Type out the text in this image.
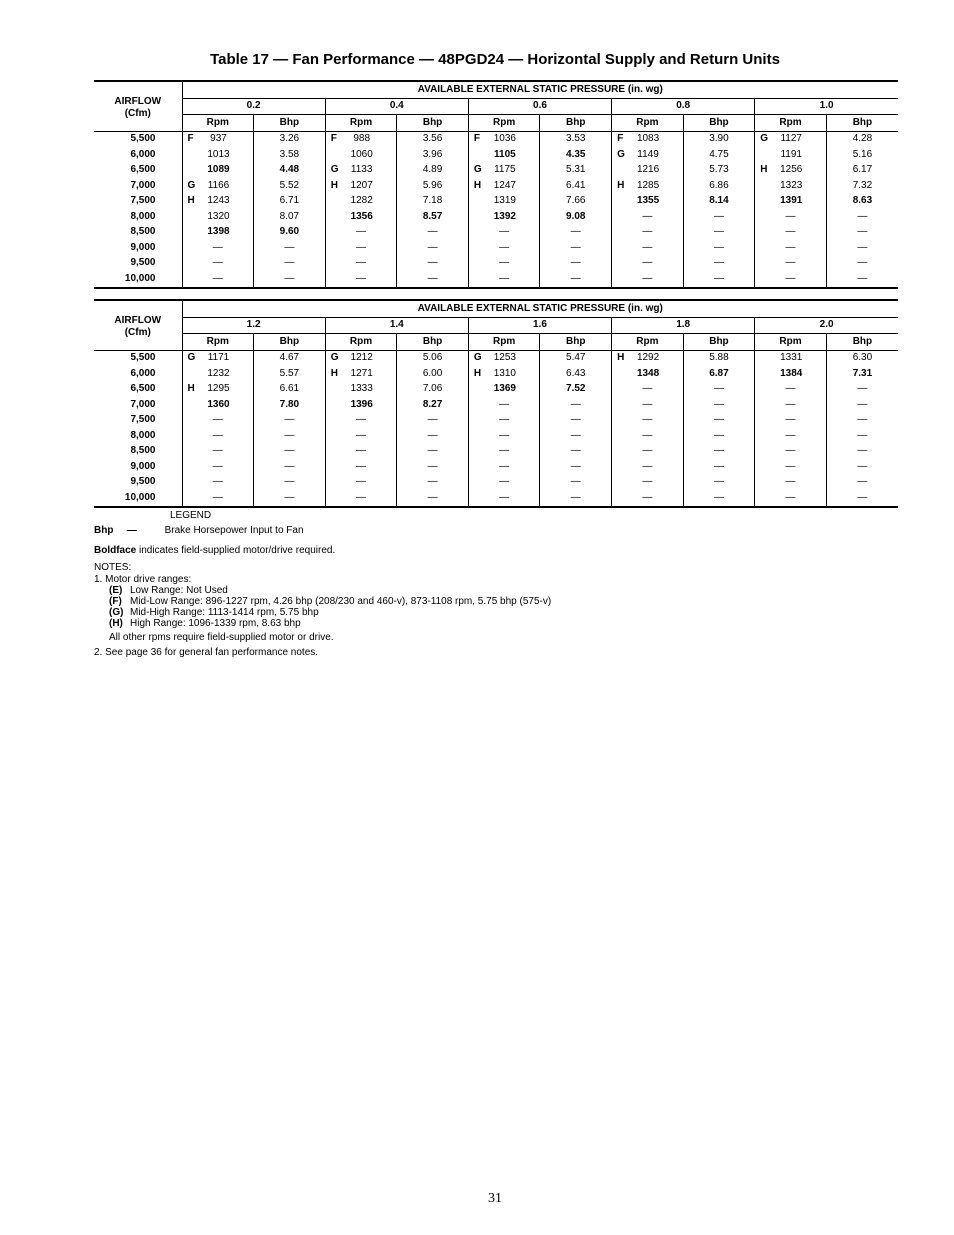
Table 17 — Fan Performance — 48PGD24 — Horizontal Supply and Return Units
AIRFLOW
(Cfm)	AVAILABLE EXTERNAL STATIC PRESSURE (in. wg)									
	0.2		0.4		0.6		0.8		1.0	
	Rpm	Bhp	Rpm	Bhp	Rpm	Bhp	Rpm	Bhp	Rpm	Bhp
5,500	F 937	3.26	F 988	3.56	F 1036	3.53	F 1083	3.90	G 1127	4.28
6,000	1013	3.58	1060	3.96	1105	4.35	G 1149	4.75	1191	5.16
6,500	1089	4.48	G 1133	4.89	G 1175	5.31	1216	5.73	H 1256	6.17
7,000	G 1166	5.52	H 1207	5.96	H 1247	6.41	H 1285	6.86	1323	7.32
7,500	H 1243	6.71	1282	7.18	1319	7.66	1355	8.14	1391	8.63
8,000	1320	8.07	1356	8.57	1392	9.08	—	—	—	—
8,500	1398	9.60	—	—	—	—	—	—	—	—
9,000	—	—	—	—	—	—	—	—	—	—
9,500	—	—	—	—	—	—	—	—	—	—
10,000	—	—	—	—	—	—	—	—	—	—
AIRFLOW
(Cfm)	AVAILABLE EXTERNAL STATIC PRESSURE (in. wg)									
	1.2		1.4		1.6		1.8		2.0	
	Rpm	Bhp	Rpm	Bhp	Rpm	Bhp	Rpm	Bhp	Rpm	Bhp
5,500	G 1171	4.67	G 1212	5.06	G 1253	5.47	H 1292	5.88	1331	6.30
6,000	1232	5.57	H 1271	6.00	H 1310	6.43	1348	6.87	1384	7.31
6,500	H 1295	6.61	1333	7.06	1369	7.52	—	—	—	—
7,000	1360	7.80	1396	8.27	—	—	—	—	—	—
7,500	—	—	—	—	—	—	—	—	—	—
8,000	—	—	—	—	—	—	—	—	—	—
8,500	—	—	—	—	—	—	—	—	—	—
9,000	—	—	—	—	—	—	—	—	—	—
9,500	—	—	—	—	—	—	—	—	—	—
10,000	—	—	—	—	—	—	—	—	—	—
LEGEND
Bhp —	Brake Horsepower Input to Fan
Boldface indicates field-supplied motor/drive required.
NOTES:
1. Motor drive ranges:
(E) Low Range: Not Used
(F) Mid-Low Range: 896-1227 rpm, 4.26 bhp (208/230 and 460-v), 873-1108 rpm, 5.75 bhp (575-v)
(G) Mid-High Range: 1113-1414 rpm, 5.75 bhp
(H) High Range: 1096-1339 rpm, 8.63 bhp
All other rpms require field-supplied motor or drive.
2. See page 36 for general fan performance notes.
31
